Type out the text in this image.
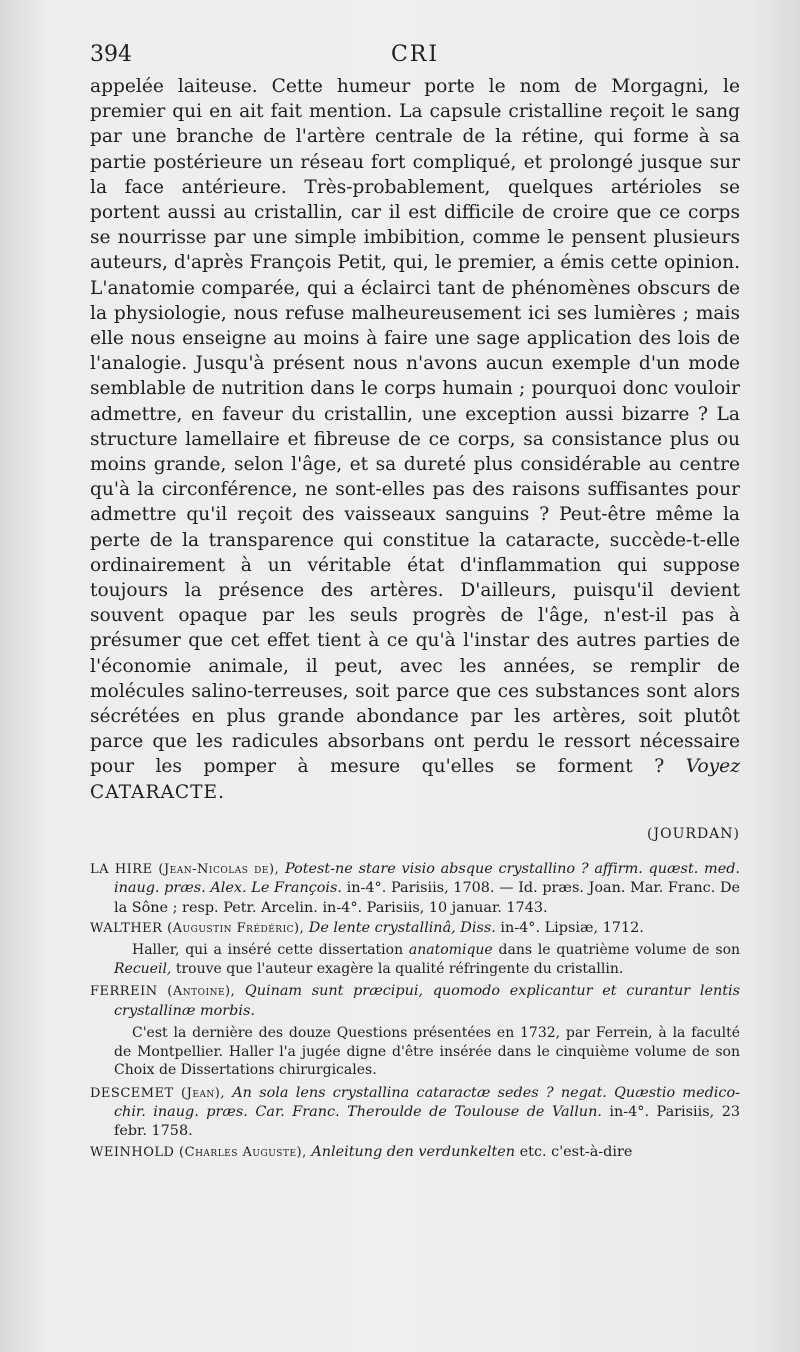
394	CRI

appelée laiteuse. Cette humeur porte le nom de Morgagni, le premier qui en ait fait mention. La capsule cristalline reçoit le sang par une branche de l'artère centrale de la rétine, qui forme à sa partie postérieure un réseau fort compliqué, et prolongé jusque sur la face antérieure. Très-probablement, quelques artérioles se portent aussi au cristallin, car il est difficile de croire que ce corps se nourrisse par une simple imbibition, comme le pensent plusieurs auteurs, d'après François Petit, qui, le premier, a émis cette opinion. L'anatomie comparée, qui a éclairci tant de phénomènes obscurs de la physiologie, nous refuse malheureusement ici ses lumières ; mais elle nous enseigne au moins à faire une sage application des lois de l'analogie. Jusqu'à présent nous n'avons aucun exemple d'un mode semblable de nutrition dans le corps humain ; pourquoi donc vouloir admettre, en faveur du cristallin, une exception aussi bizarre ? La structure lamellaire et fibreuse de ce corps, sa consistance plus ou moins grande, selon l'âge, et sa dureté plus considérable au centre qu'à la circonférence, ne sont-elles pas des raisons suffisantes pour admettre qu'il reçoit des vaisseaux sanguins ? Peut-être même la perte de la transparence qui constitue la cataracte, succède-t-elle ordinairement à un véritable état d'inflammation qui suppose toujours la présence des artères. D'ailleurs, puisqu'il devient souvent opaque par les seuls progrès de l'âge, n'est-il pas à présumer que cet effet tient à ce qu'à l'instar des autres parties de l'économie animale, il peut, avec les années, se remplir de molécules salino-terreuses, soit parce que ces substances sont alors sécrétées en plus grande abondance par les artères, soit plutôt parce que les radicules absorbans ont perdu le ressort nécessaire pour les pomper à mesure qu'elles se forment ? Voyez CATARACTE.

(JOURDAN)

LA HIRE (Jean-Nicolas de), Potest-ne stare visio absque crystallino ? affirm. quæst. med. inaug. præs. Alex. Le François. in-4°. Parisiis, 1708. — Id. præs. Joan. Mar. Franc. De la Sône ; resp. Petr. Arcelin. in-4°. Parisiis, 10 januar. 1743.

WALTHER (Augustin Frédéric), De lente crystallinâ, Diss. in-4°. Lipsiæ, 1712.

Haller, qui a inséré cette dissertation anatomique dans le quatrième volume de son Recueil, trouve que l'auteur exagère la qualité réfringente du cristallin.

FERREIN (Antoine), Quinam sunt præcipui, quomodo explicantur et curantur lentis crystallinæ morbis.

C'est la dernière des douze Questions présentées en 1732, par Ferrein, à la faculté de Montpellier. Haller l'a jugée digne d'être insérée dans le cinquième volume de son Choix de Dissertations chirurgicales.

DESCEMET (Jean), An sola lens crystallina cataractæ sedes ? negat. Quæstio medico-chir. inaug. præs. Car. Franc. Theroulde de Toulouse de Vallun. in-4°. Parisiis, 23 febr. 1758.

WEINHOLD (Charles Auguste), Anleitung den verdunkelten etc. c'est-à-dire
